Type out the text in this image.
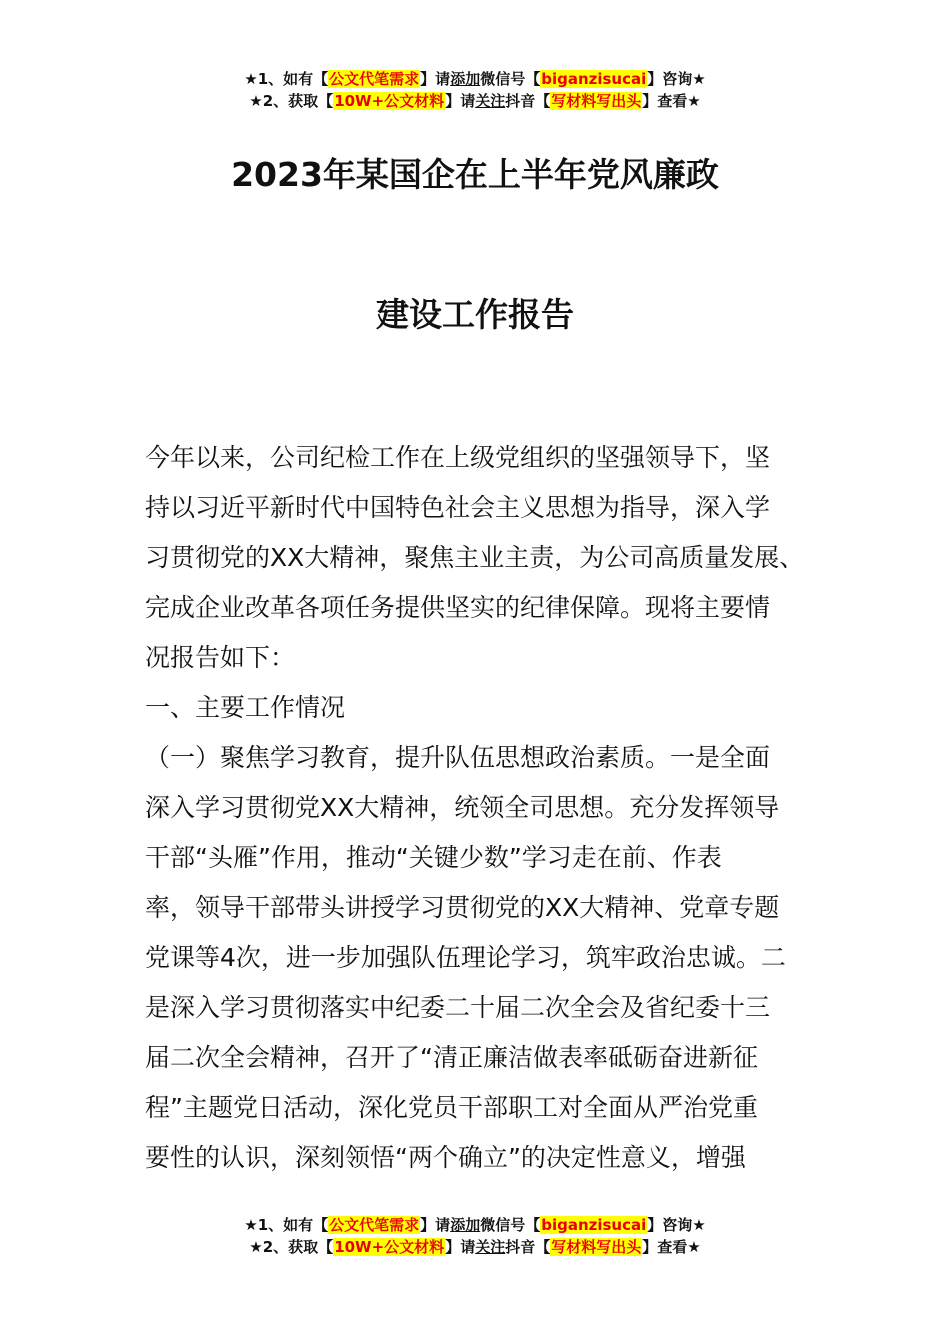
★1、如有【公文代笔需求】请添加微信号【biganzisucai】咨询★
★2、获取【10W+公文材料】请关注抖音【写材料写出头】查看★
2023年某国企在上半年党风廉政
建设工作报告
今年以来，公司纪检工作在上级党组织的坚强领导下，坚
持以习近平新时代中国特色社会主义思想为指导，深入学
习贯彻党的XX大精神，聚焦主业主责，为公司高质量发展、
完成企业改革各项任务提供坚实的纪律保障。现将主要情
况报告如下：
一、主要工作情况
（一）聚焦学习教育，提升队伍思想政治素质。一是全面
深入学习贯彻党XX大精神，统领全司思想。充分发挥领导
干部“头雁”作用，推动“关键少数”学习走在前、作表
率，领导干部带头讲授学习贯彻党的XX大精神、党章专题
党课等4次，进一步加强队伍理论学习，筑牢政治忠诚。二
是深入学习贯彻落实中纪委二十届二次全会及省纪委十三
届二次全会精神，召开了“清正廉洁做表率砥砺奋进新征
程”主题党日活动，深化党员干部职工对全面从严治党重
要性的认识，深刻领悟“两个确立”的决定性意义，增强
★1、如有【公文代笔需求】请添加微信号【biganzisucai】咨询★
★2、获取【10W+公文材料】请关注抖音【写材料写出头】查看★
